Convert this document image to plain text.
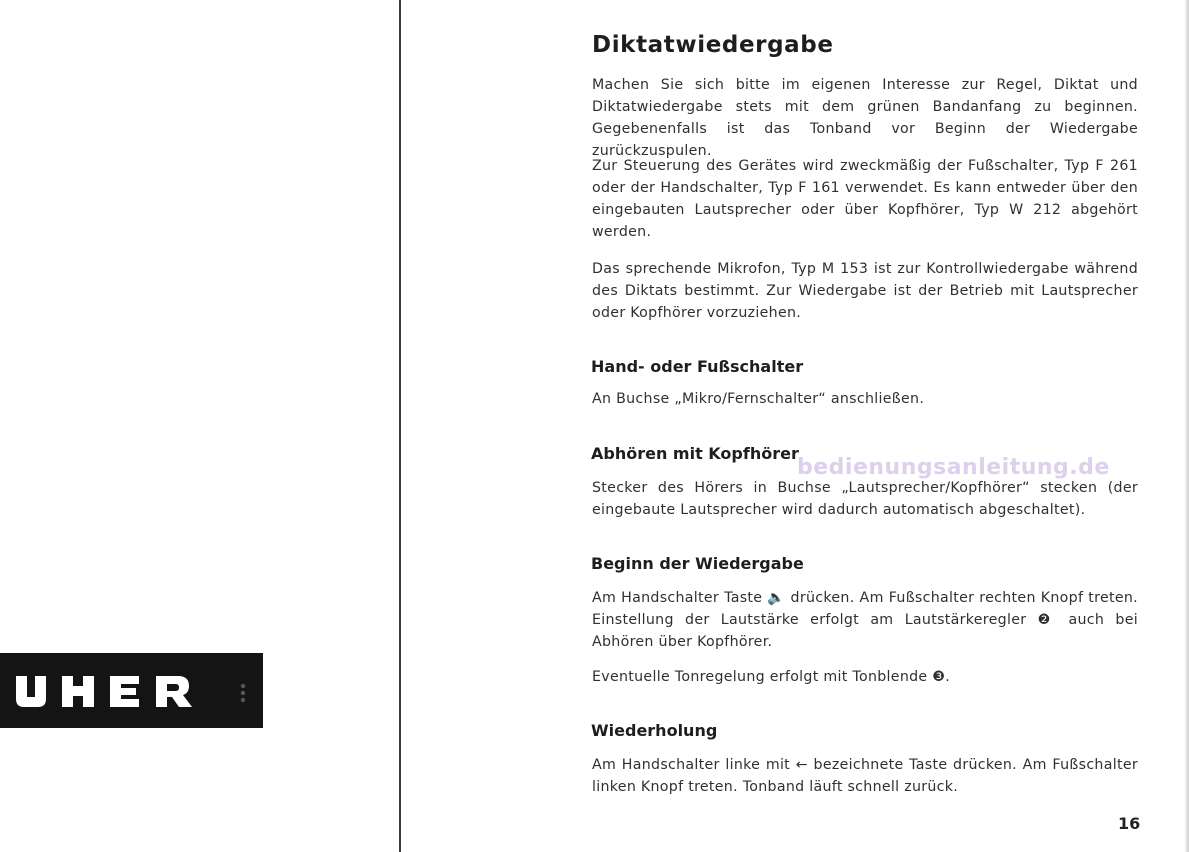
bedienungsanleitung.de
Diktatwiedergabe

Machen Sie sich bitte im eigenen Interesse zur Regel, Diktat und Diktatwiedergabe stets mit dem grünen Bandanfang zu beginnen. Gegebenenfalls ist das Tonband vor Beginn der Wiedergabe zurückzuspulen.

Zur Steuerung des Gerätes wird zweckmäßig der Fußschalter, Typ F 261 oder der Handschalter, Typ F 161 verwendet. Es kann entweder über den eingebauten Lautsprecher oder über Kopfhörer, Typ W 212 abgehört werden.

Das sprechende Mikrofon, Typ M 153 ist zur Kontrollwiedergabe während des Diktats bestimmt. Zur Wiedergabe ist der Betrieb mit Lautsprecher oder Kopfhörer vorzuziehen.

Hand- oder Fußschalter

An Buchse „Mikro/Fernschalter“ anschließen.

Abhören mit Kopfhörer

Stecker des Hörers in Buchse „Lautsprecher/Kopfhörer“ stecken (der eingebaute Lautsprecher wird dadurch automatisch abgeschaltet).

Beginn der Wiedergabe

Am Handschalter Taste 🔈 drücken. Am Fußschalter rechten Knopf treten. Einstellung der Lautstärke erfolgt am Lautstärkeregler ❷ auch bei Abhören über Kopfhörer.

Eventuelle Tonregelung erfolgt mit Tonblende ❸.

Wiederholung

Am Handschalter linke mit ← bezeichnete Taste drücken. Am Fußschalter linken Knopf treten. Tonband läuft schnell zurück.

16
